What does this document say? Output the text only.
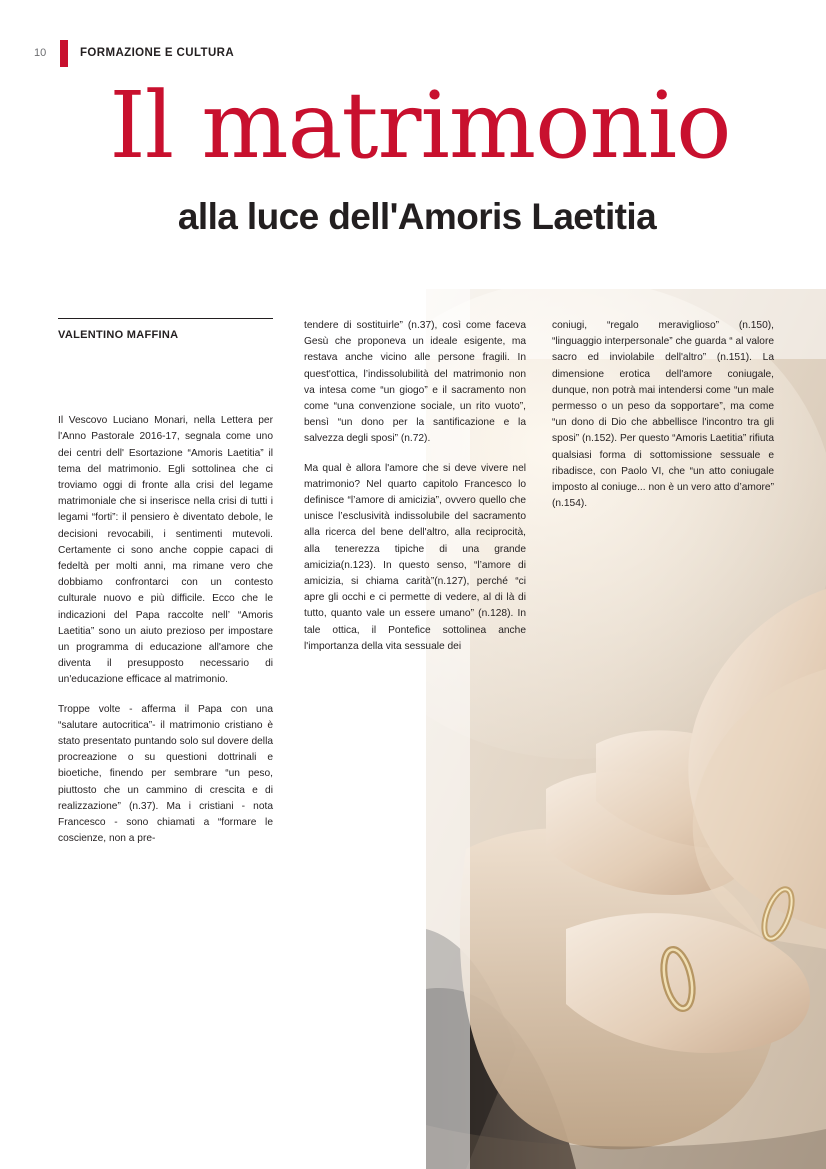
10	FORMAZIONE E CULTURA
Il matrimonio
alla luce dell'Amoris Laetitia
VALENTINO MAFFINA

Il Vescovo Luciano Monari, nella Lettera per l'Anno Pastorale 2016-17, segnala come uno dei centri dell' Esortazione “Amoris Laetitia” il tema del matrimonio. Egli sottolinea che ci troviamo oggi di fronte alla crisi del legame matrimoniale che si inserisce nella crisi di tutti i legami “forti”: il pensiero è diventato debole, le decisioni revocabili, i sentimenti mutevoli. Certamente ci sono anche coppie capaci di fedeltà per molti anni, ma rimane vero che dobbiamo confrontarci con un contesto culturale nuovo e più difficile. Ecco che le indicazioni del Papa raccolte nell’ “Amoris Laetitia” sono un aiuto prezioso per impostare un programma di educazione all'amore che diventa il presupposto necessario di un'educazione efficace al matrimonio.

Troppe volte - afferma il Papa con una “salutare autocritica”- il matrimonio cristiano è stato presentato puntando solo sul dovere della procreazione o su questioni dottrinali e bioetiche, finendo per sembrare “un peso, piuttosto che un cammino di crescita e di realizzazione” (n.37). Ma i cristiani - nota Francesco - sono chiamati a “formare le coscienze, non a pre-

tendere di sostituirle” (n.37), così come faceva Gesù che proponeva un ideale esigente, ma restava anche vicino alle persone fragili. In quest'ottica, l’indissolubilità del matrimonio non va intesa come “un giogo” e il sacramento non come “una convenzione sociale, un rito vuoto”, bensì “un dono per la santificazione e la salvezza degli sposi” (n.72).

Ma qual è allora l'amore che si deve vivere nel matrimonio? Nel quarto capitolo Francesco lo definisce “l’amore di amicizia”, ovvero quello che unisce l’esclusività indissolubile del sacramento alla ricerca del bene dell'altro, alla reciprocità, alla tenerezza tipiche di una grande amicizia(n.123). In questo senso, “l’amore di amicizia, si chiama carità”(n.127), perché “ci apre gli occhi e ci permette di vedere, al di là di tutto, quanto vale un essere umano” (n.128). In tale ottica, il Pontefice sottolinea anche l'importanza della vita sessuale dei

coniugi, “regalo meraviglioso” (n.150), “linguaggio interpersonale” che guarda “ al valore sacro ed inviolabile dell'altro” (n.151). La dimensione erotica dell'amore coniugale, dunque, non potrà mai intendersi come “un male permesso o un peso da sopportare”, ma come “un dono di Dio che abbellisce l'incontro tra gli sposi” (n.152). Per questo “Amoris Laetitia” rifiuta qualsiasi forma di sottomissione sessuale e ribadisce, con Paolo VI, che “un atto coniugale imposto al coniuge... non è un vero atto d’amore” (n.154).
